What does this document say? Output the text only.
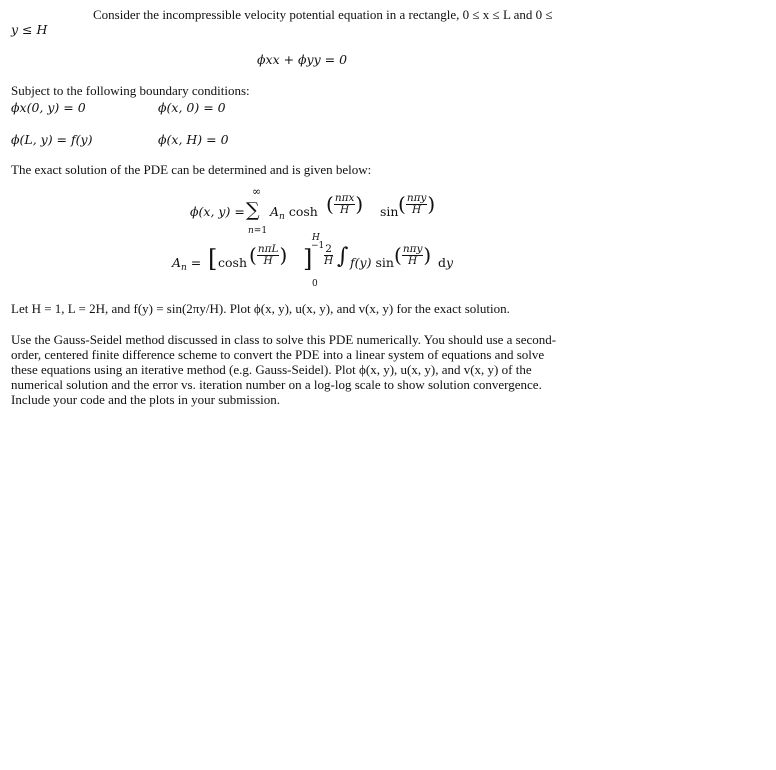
Consider the incompressible velocity potential equation in a rectangle, 0 ≤ x ≤ L and 0 ≤
y ≤ H
ϕxx + ϕyy = 0
Subject to the following boundary conditions:
ϕx(0, y) = 0	ϕ(x, 0) = 0
ϕ(L, y) = f(y)	ϕ(x, H) = 0
The exact solution of the PDE can be determined and is given below:
∞
ϕ(x, y) = ∑
n=1
$A_n$ cosh ( $\frac{\text{nπx}}{H}$ ) sin ( $\frac{\text{nπy}}{H}$ )
$A_n$ = [ cosh ( $\frac{\text{nπL}}{H}$ ) ]
$-1 \frac{2}{H}$
H
∫
0
f(y) sin ( $\frac{\text{nπy}}{H}$ ) dy
Let H = 1, L = 2H, and f(y) = sin(2πy/H). Plot ϕ(x, y), u(x, y), and v(x, y) for the exact solution.
Use the Gauss-Seidel method discussed in class to solve this PDE numerically. You should use a second-
order, centered finite difference scheme to convert the PDE into a linear system of equations and solve
these equations using an iterative method (e.g. Gauss-Seidel). Plot ϕ(x, y), u(x, y), and v(x, y) of the
numerical solution and the error vs. iteration number on a log-log scale to show solution convergence.
Include your code and the plots in your submission.
